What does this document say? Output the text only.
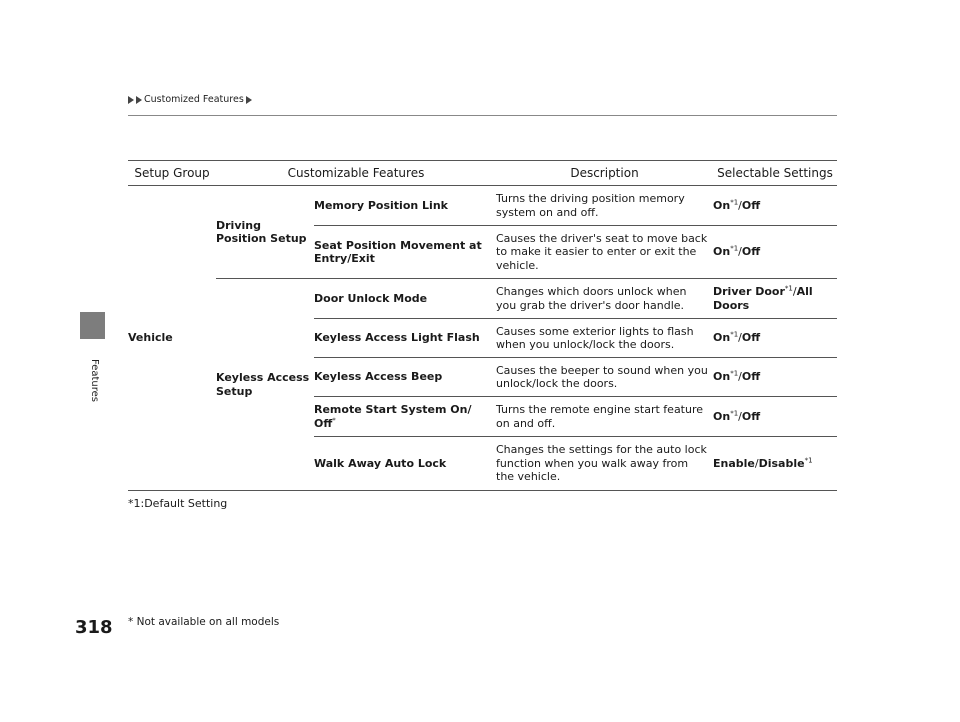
Customized Features
Features
Setup Group	Customizable Features		Description	Selectable Settings
Vehicle	Driving Position Setup	Memory Position Link	Turns the driving position memory system on and off.	On$^{*1}$/Off
		Seat Position Movement at Entry/Exit	Causes the driver's seat to move back to make it easier to enter or exit the vehicle.	On$^{*1}$/Off
	Keyless Access Setup	Door Unlock Mode	Changes which doors unlock when you grab the driver's door handle.	Driver Door$^{*1}$/All Doors
		Keyless Access Light Flash	Causes some exterior lights to flash when you unlock/lock the doors.	On$^{*1}$/Off
		Keyless Access Beep	Causes the beeper to sound when you unlock/lock the doors.	On$^{*1}$/Off
		Remote Start System On/ Off*	Turns the remote engine start feature on and off.	On$^{*1}$/Off
		Walk Away Auto Lock	Changes the settings for the auto lock function when you walk away from the vehicle.	Enable/Disable$^{*1}$

*1:Default Setting
318 * Not available on all models
